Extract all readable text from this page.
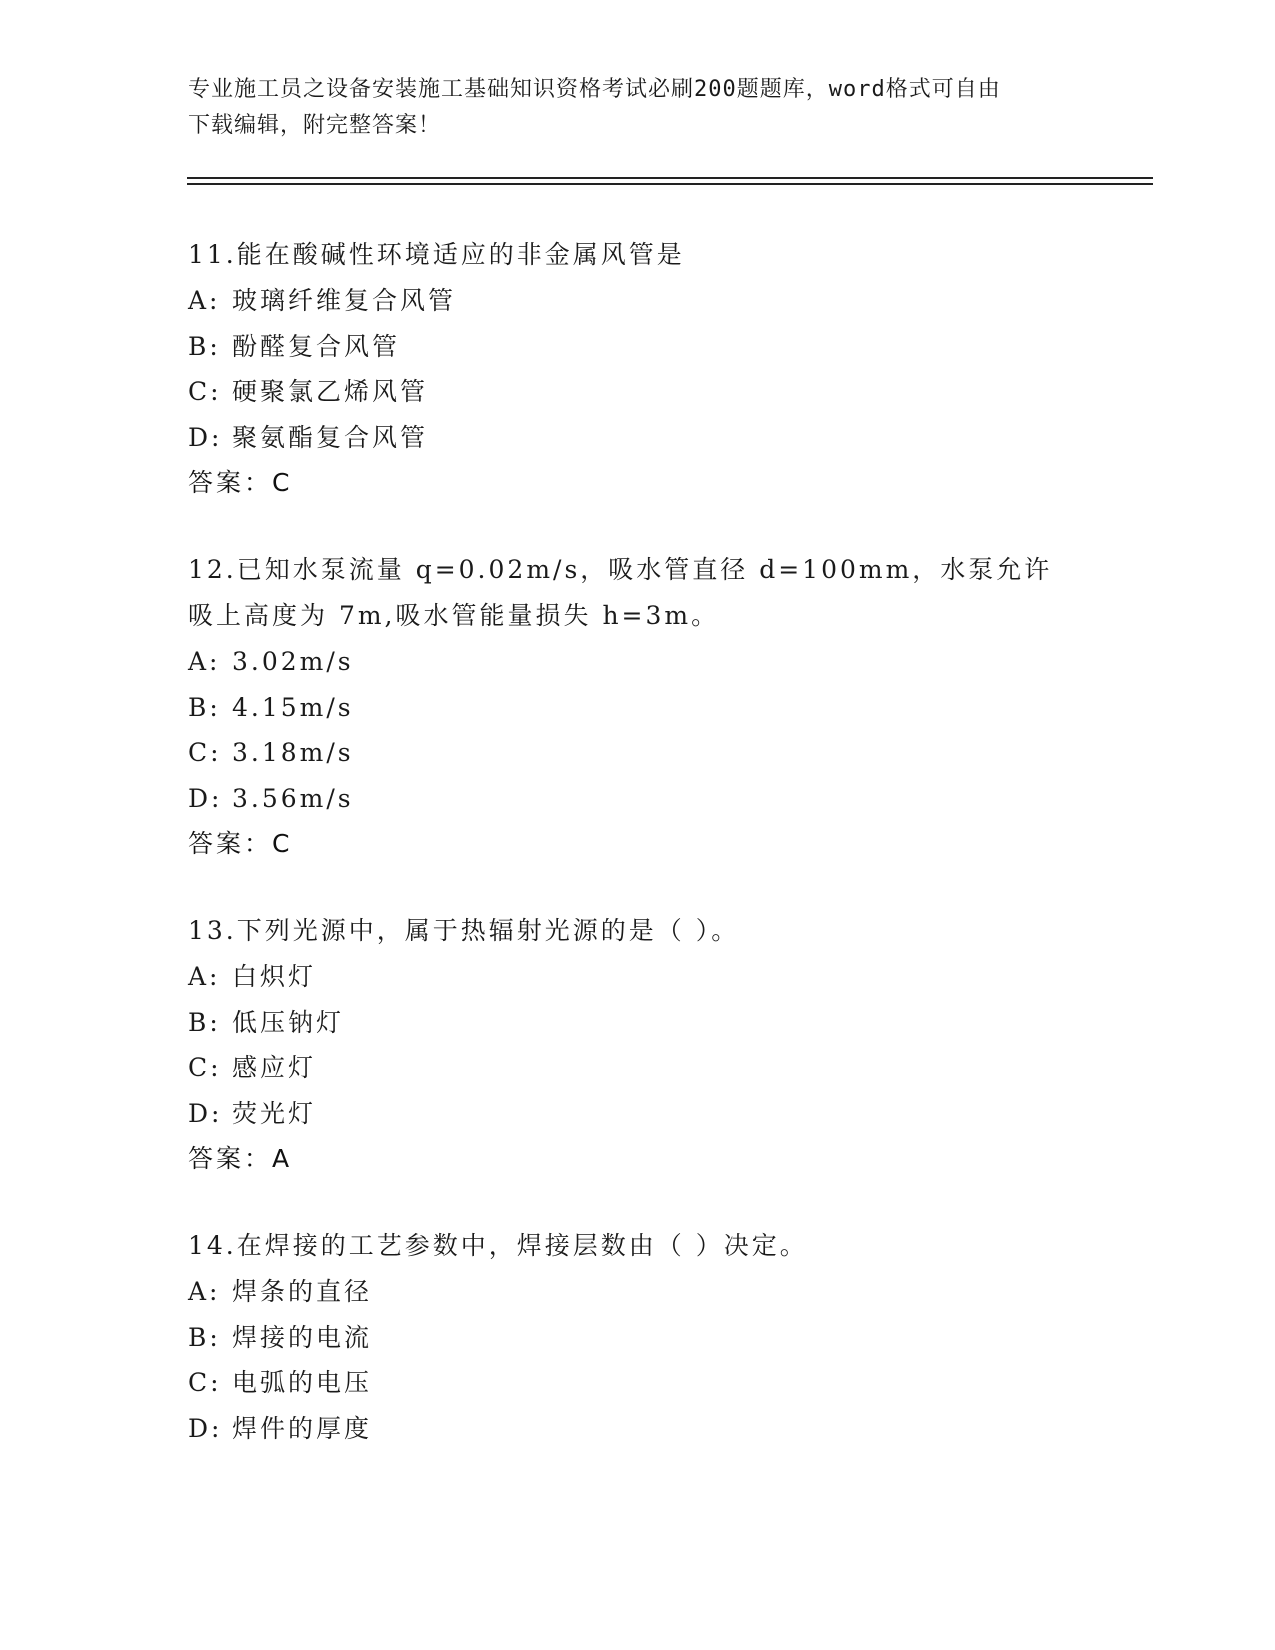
专业施工员之设备安装施工基础知识资格考试必刷200题题库，word格式可自由
下载编辑，附完整答案！
11.能在酸碱性环境适应的非金属风管是
A: 玻璃纤维复合风管
B: 酚醛复合风管
C: 硬聚氯乙烯风管
D: 聚氨酯复合风管
答案：C
12.已知水泵流量 q=0.02m/s，吸水管直径 d=100mm，水泵允许吸上高度为 7m,吸水管能量损失 h=3m。
A: 3.02m/s
B: 4.15m/s
C: 3.18m/s
D: 3.56m/s
答案：C
13.下列光源中，属于热辐射光源的是（ ）。
A: 白炽灯
B: 低压钠灯
C: 感应灯
D: 荧光灯
答案：A
14.在焊接的工艺参数中，焊接层数由（ ）决定。
A: 焊条的直径
B: 焊接的电流
C: 电弧的电压
D: 焊件的厚度
